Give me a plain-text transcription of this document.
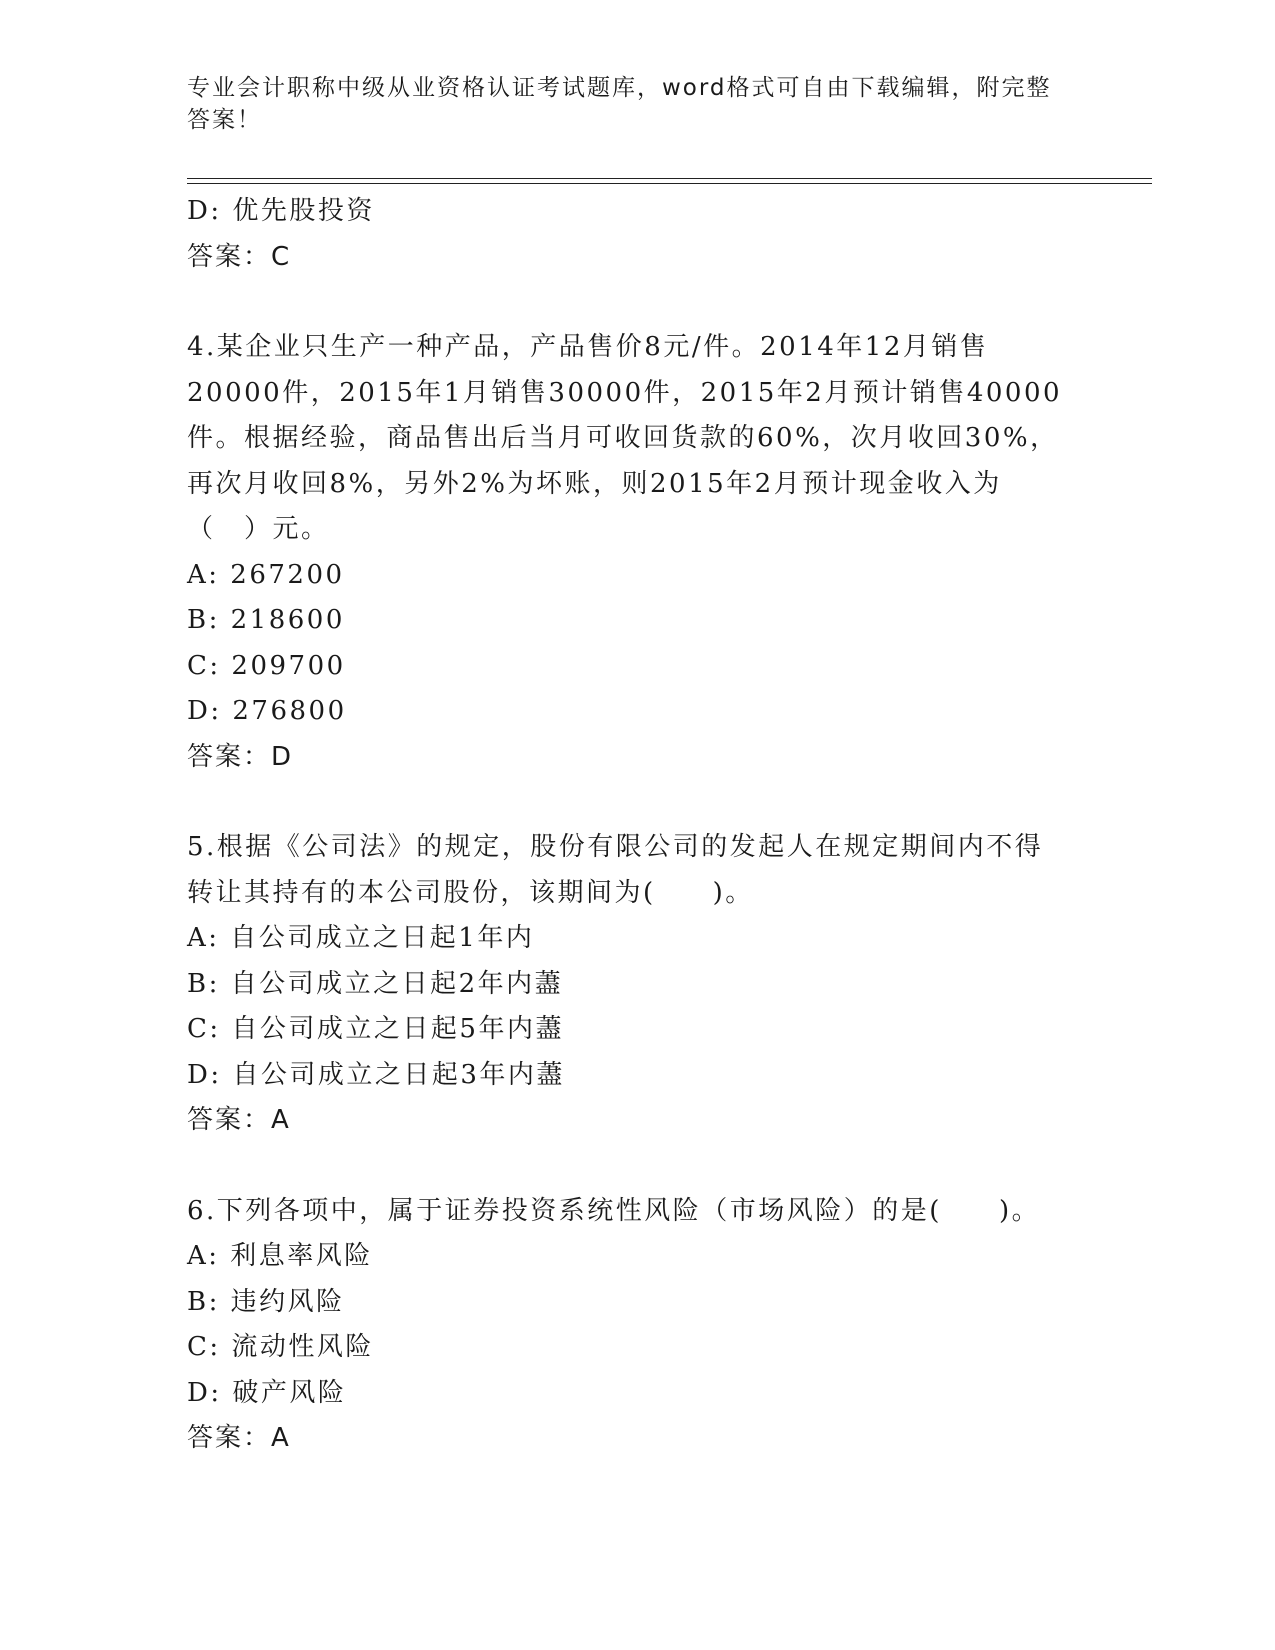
专业会计职称中级从业资格认证考试题库，word格式可自由下载编辑，附完整答案！

D: 优先股投资

答案：C

4.某企业只生产一种产品，产品售价8元/件。2014年12月销售20000件，2015年1月销售30000件，2015年2月预计销售40000件。根据经验，商品售出后当月可收回货款的60%，次月收回30%，再次月收回8%，另外2%为坏账，则2015年2月预计现金收入为（　）元。

A: 267200

B: 218600

C: 209700

D: 276800

答案：D

5.根据《公司法》的规定，股份有限公司的发起人在规定期间内不得转让其持有的本公司股份，该期间为(　　)。

A: 自公司成立之日起1年内

B: 自公司成立之日起2年内藎

C: 自公司成立之日起5年内藎

D: 自公司成立之日起3年内藎

答案：A

6.下列各项中，属于证券投资系统性风险（市场风险）的是(　　)。

A: 利息率风险

B: 违约风险

C: 流动性风险

D: 破产风险

答案：A
